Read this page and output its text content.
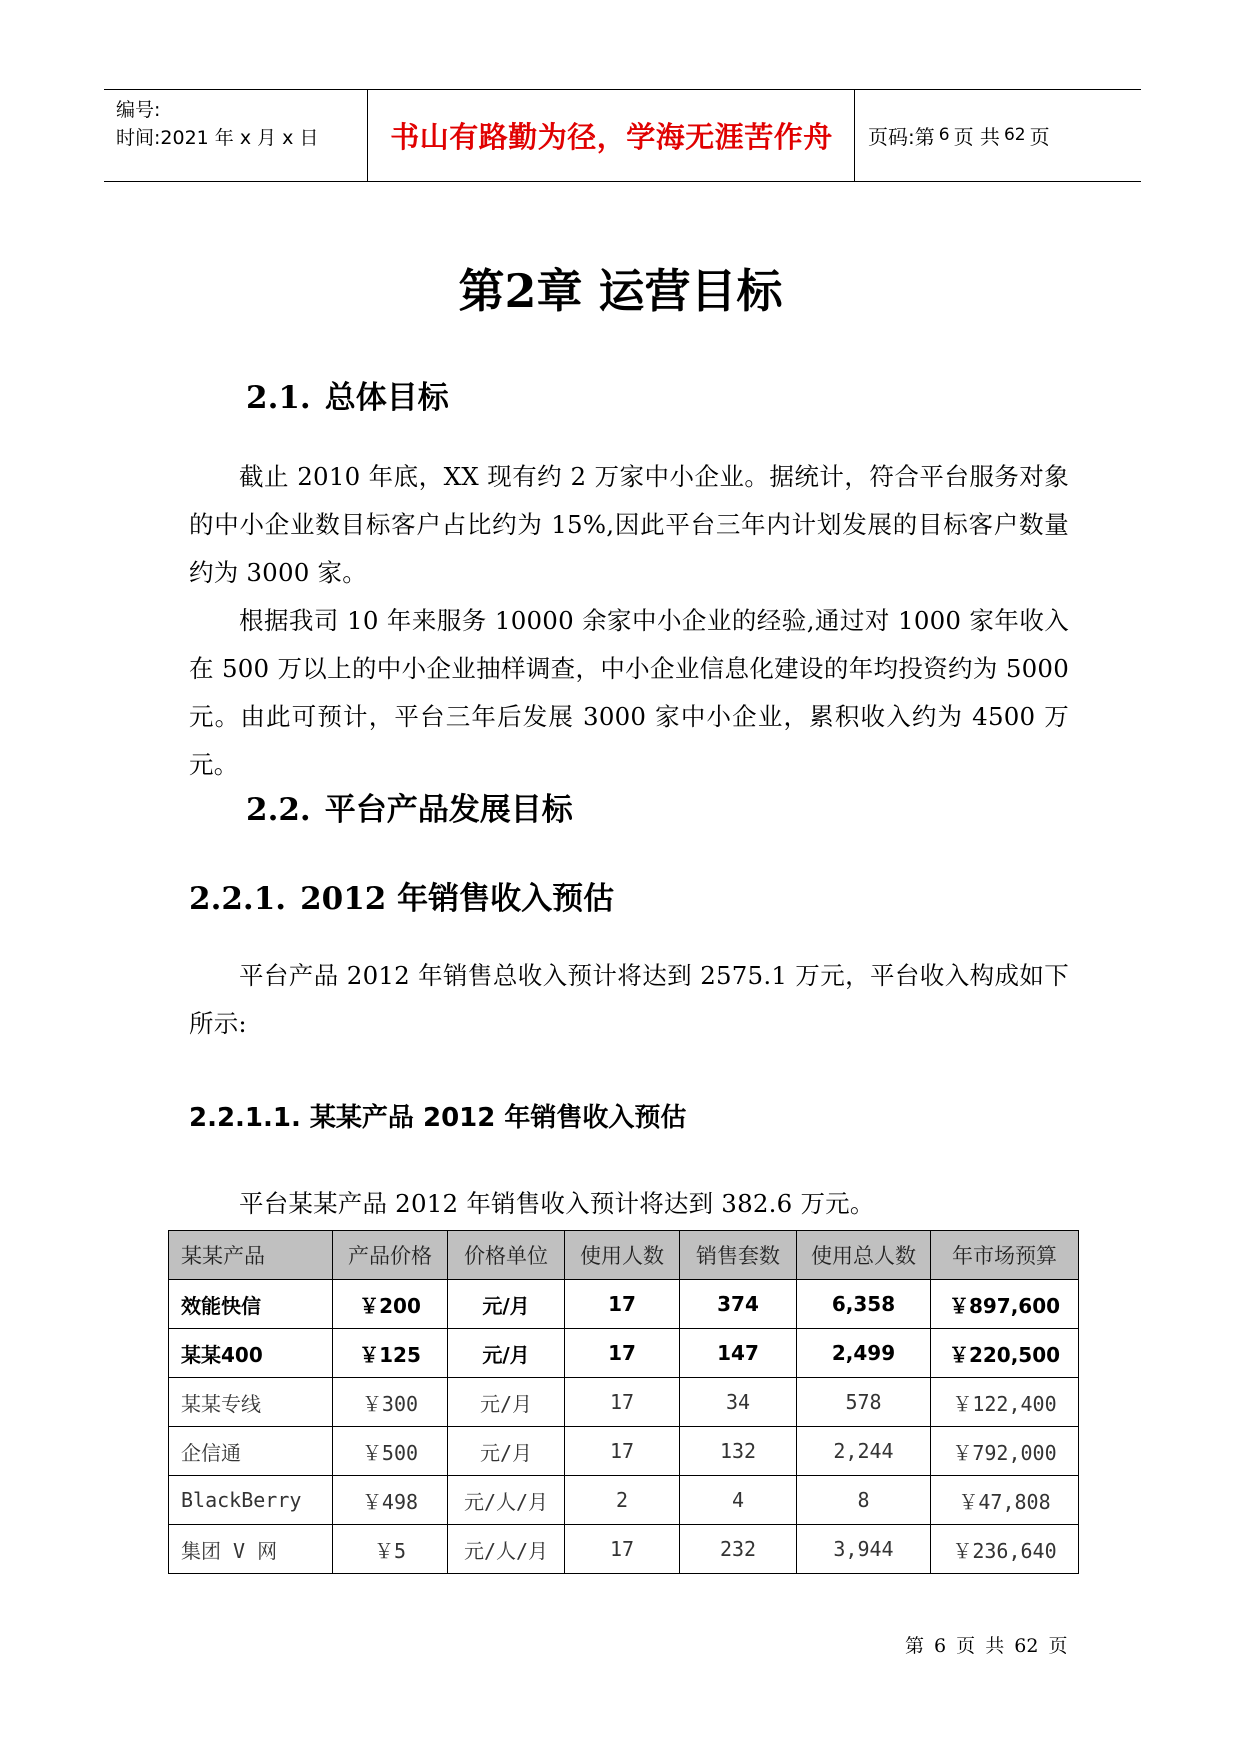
编号:
时间:2021 年 x 月 x 日	书山有路勤为径，学海无涯苦作舟	页码:第 6 页 共 62 页
第2章 运营目标
2.1. 总体目标
截止 2010 年底，XX 现有约 2 万家中小企业。据统计，符合平台服务对象的中小企业数目标客户占比约为 15%,因此平台三年内计划发展的目标客户数量约为 3000 家。
根据我司 10 年来服务 10000 余家中小企业的经验,通过对 1000 家年收入在 500 万以上的中小企业抽样调查，中小企业信息化建设的年均投资约为 5000 元。由此可预计，平台三年后发展 3000 家中小企业，累积收入约为 4500 万元。
2.2. 平台产品发展目标
2.2.1. 2012 年销售收入预估
平台产品 2012 年销售总收入预计将达到 2575.1 万元，平台收入构成如下所示:
2.2.1.1. 某某产品 2012 年销售收入预估
平台某某产品 2012 年销售收入预计将达到 382.6 万元。
某某产品	产品价格	价格单位	使用人数	销售套数	使用总人数	年市场预算
效能快信	￥200	元/月	17	374	6,358	￥897,600
某某400	￥125	元/月	17	147	2,499	￥220,500
某某专线	￥300	元/月	17	34	578	￥122,400
企信通	￥500	元/月	17	132	2,244	￥792,000
BlackBerry	￥498	元/人/月	2	4	8	￥47,808
集团 V 网	￥5	元/人/月	17	232	3,944	￥236,640
第 6 页 共 62 页
